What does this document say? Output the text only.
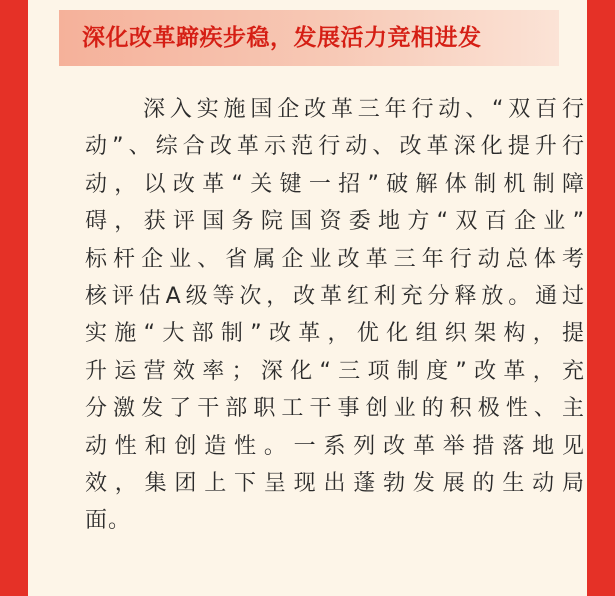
深化改革蹄疾步稳，发展活力竞相进发
深入实施国企改革三年行动、“双百行
动”、综合改革示范行动、改革深化提升行
动，以改革“关键一招”破解体制机制障
碍，获评国务院国资委地方“双百企业”
标杆企业、省属企业改革三年行动总体考
核评估A级等次，改革红利充分释放。通过
实施“大部制”改革，优化组织架构，提
升运营效率；深化“三项制度”改革，充
分激发了干部职工干事创业的积极性、主
动性和创造性。一系列改革举措落地见
效，集团上下呈现出蓬勃发展的生动局
面。
